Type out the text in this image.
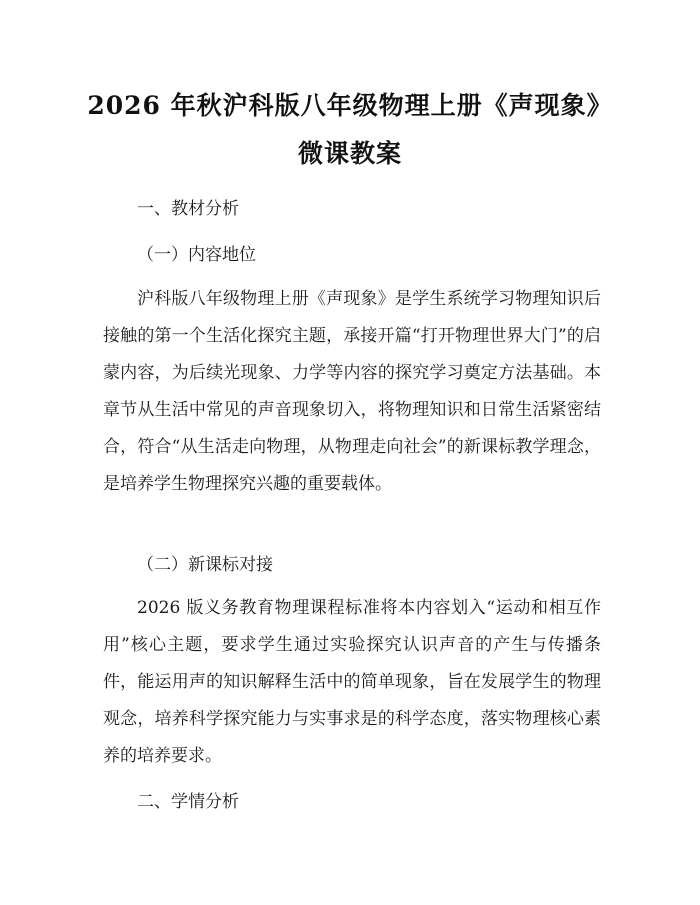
2026 年秋沪科版八年级物理上册《声现象》
微课教案

一、教材分析

（一）内容地位

沪科版八年级物理上册《声现象》是学生系统学习物理知识后接触的第一个生活化探究主题，承接开篇“打开物理世界大门”的启蒙内容，为后续光现象、力学等内容的探究学习奠定方法基础。本章节从生活中常见的声音现象切入，将物理知识和日常生活紧密结合，符合“从生活走向物理，从物理走向社会”的新课标教学理念，是培养学生物理探究兴趣的重要载体。

（二）新课标对接

2026 版义务教育物理课程标准将本内容划入“运动和相互作用”核心主题，要求学生通过实验探究认识声音的产生与传播条件，能运用声的知识解释生活中的简单现象，旨在发展学生的物理观念，培养科学探究能力与实事求是的科学态度，落实物理核心素养的培养要求。

二、学情分析
